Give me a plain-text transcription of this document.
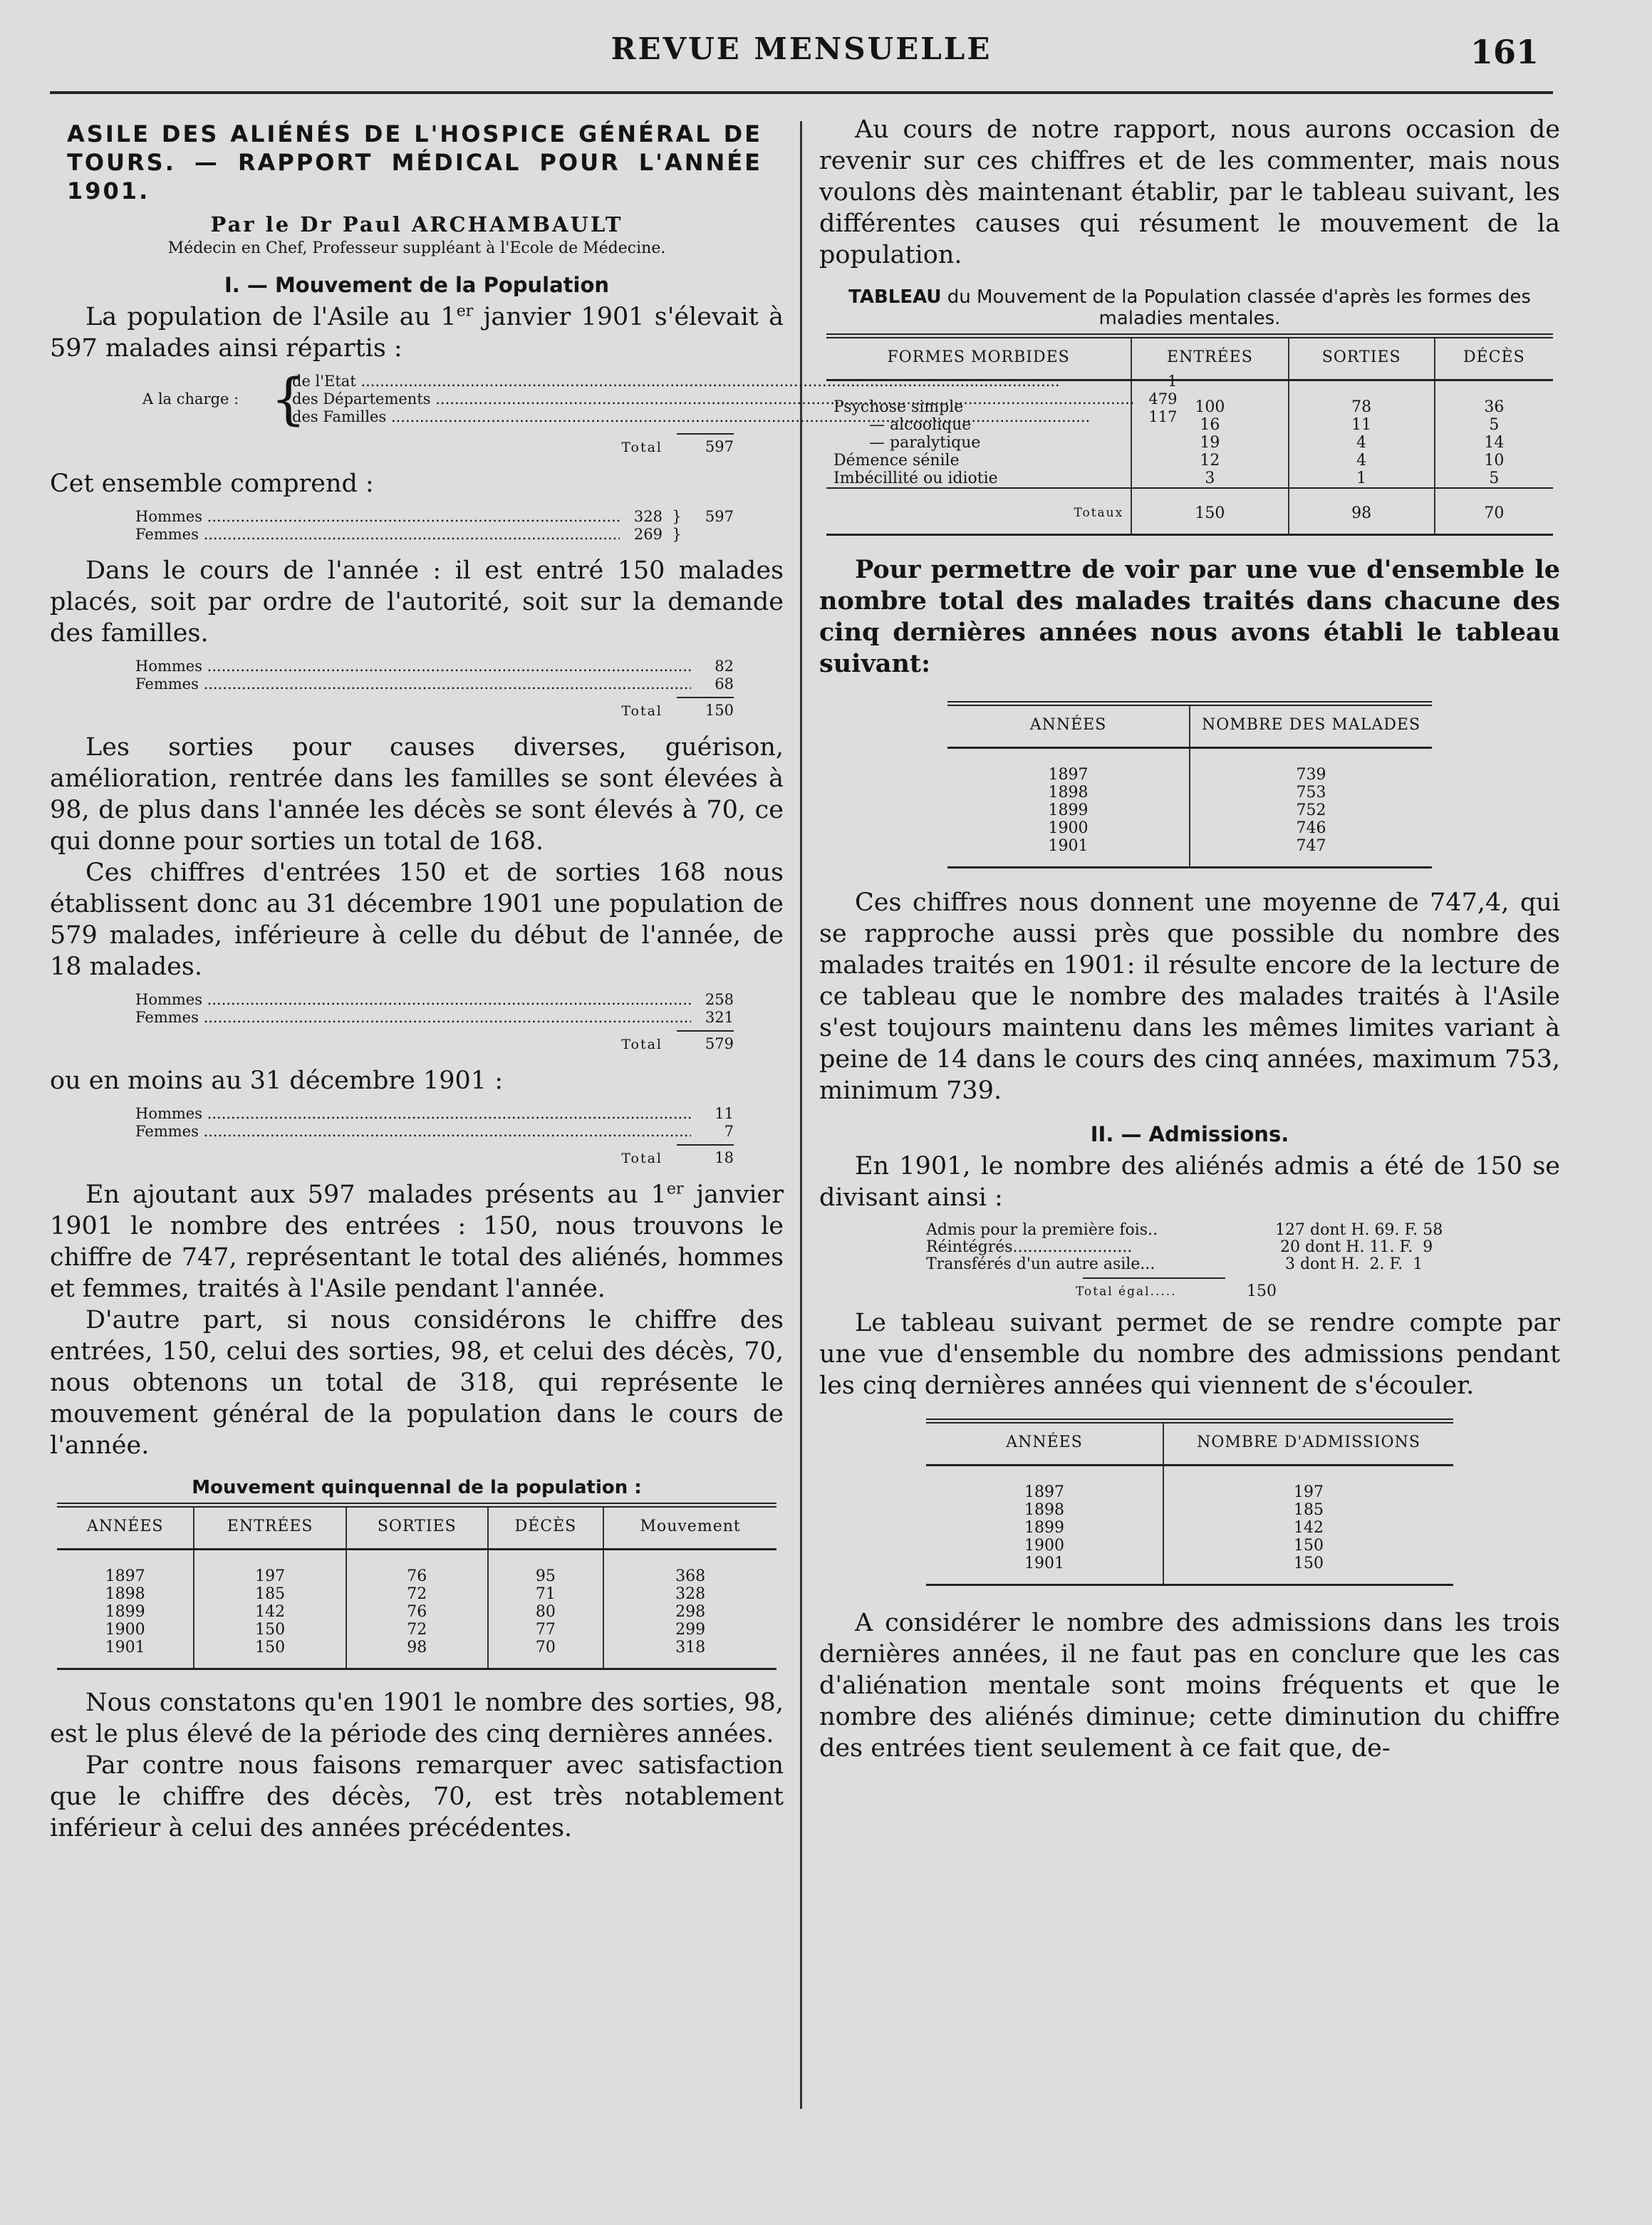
REVUE MENSUELLE	161
ASILE DES ALIÉNÉS DE L'HOSPICE GÉNÉRAL DE TOURS. — RAPPORT MÉDICAL POUR L'ANNÉE 1901.
Par le Dr Paul ARCHAMBAULT
Médecin en Chef, Professeur suppléant à l'Ecole de Médecine.
I. — Mouvement de la Population

La population de l'Asile au 1er janvier 1901 s'élevait à 597 malades ainsi répartis :

A la charge : {
de l'Etat .....	1
des Départements .....	479
des Familles .....	117
Total	597

Cet ensemble comprend :

Hommes .....	328 }	597
Femmes .....	269 }

Dans le cours de l'année : il est entré 150 malades placés, soit par ordre de l'autorité, soit sur la demande des familles.

Hommes .....	82
Femmes .....	68
Total	150

Les sorties pour causes diverses, guérison, amélioration, rentrée dans les familles se sont élevées à 98, de plus dans l'année les décès se sont élevés à 70, ce qui donne pour sorties un total de 168.

Ces chiffres d'entrées 150 et de sorties 168 nous établissent donc au 31 décembre 1901 une population de 579 malades, inférieure à celle du début de l'année, de 18 malades.

Hommes .....	258
Femmes .....	321
Total	579

ou en moins au 31 décembre 1901 :

Hommes .....	11
Femmes .....	7
Total	18

En ajoutant aux 597 malades présents au 1er janvier 1901 le nombre des entrées : 150, nous trouvons le chiffre de 747, représentant le total des aliénés, hommes et femmes, traités à l'Asile pendant l'année.

D'autre part, si nous considérons le chiffre des entrées, 150, celui des sorties, 98, et celui des décès, 70, nous obtenons un total de 318, qui représente le mouvement général de la population dans le cours de l'année.

Mouvement quinquennal de la population :
ANNÉES	ENTRÉES	SORTIES	DÉCÈS	Mouvement
1897	197	76	95	368
1898	185	72	71	328
1899	142	76	80	298
1900	150	72	77	299
1901	150	98	70	318

Nous constatons qu'en 1901 le nombre des sorties, 98, est le plus élevé de la période des cinq dernières années.

Par contre nous faisons remarquer avec satisfaction que le chiffre des décès, 70, est très notablement inférieur à celui des années précédentes.

Au cours de notre rapport, nous aurons occasion de revenir sur ces chiffres et de les commenter, mais nous voulons dès maintenant établir, par le tableau suivant, les différentes causes qui résument le mouvement de la population.

TABLEAU du Mouvement de la Population classée d'après les formes des maladies mentales.
FORMES MORBIDES	ENTRÉES	SORTIES	DÉCÈS
Psychose simple	100	78	36
— alcoolique	16	11	5
— paralytique	19	4	14
Démence sénile	12	4	10
Imbécillité ou idiotie	3	1	5
Totaux	150	98	70

Pour permettre de voir par une vue d'ensemble le nombre total des malades traités dans chacune des cinq dernières années nous avons établi le tableau suivant:

ANNÉES	NOMBRE DES MALADES
1897	739
1898	753
1899	752
1900	746
1901	747

Ces chiffres nous donnent une moyenne de 747,4, qui se rapproche aussi près que possible du nombre des malades traités en 1901: il résulte encore de la lecture de ce tableau que le nombre des malades traités à l'Asile s'est toujours maintenu dans les mêmes limites variant à peine de 14 dans le cours des cinq années, maximum 753, minimum 739.

II. — Admissions.

En 1901, le nombre des aliénés admis a été de 150 se divisant ainsi :

Admis pour la première fois..	127 dont H. 69. F. 58
Réintégrés........................	20 dont H. 11. F.  9
Transférés d'un autre asile...	3 dont H.  2. F.  1
Total égal.....	150

Le tableau suivant permet de se rendre compte par une vue d'ensemble du nombre des admissions pendant les cinq dernières années qui viennent de s'écouler.

ANNÉES	NOMBRE D'ADMISSIONS
1897	197
1898	185
1899	142
1900	150
1901	150

A considérer le nombre des admissions dans les trois dernières années, il ne faut pas en conclure que les cas d'aliénation mentale sont moins fréquents et que le nombre des aliénés diminue; cette diminution du chiffre des entrées tient seulement à ce fait que, de-
